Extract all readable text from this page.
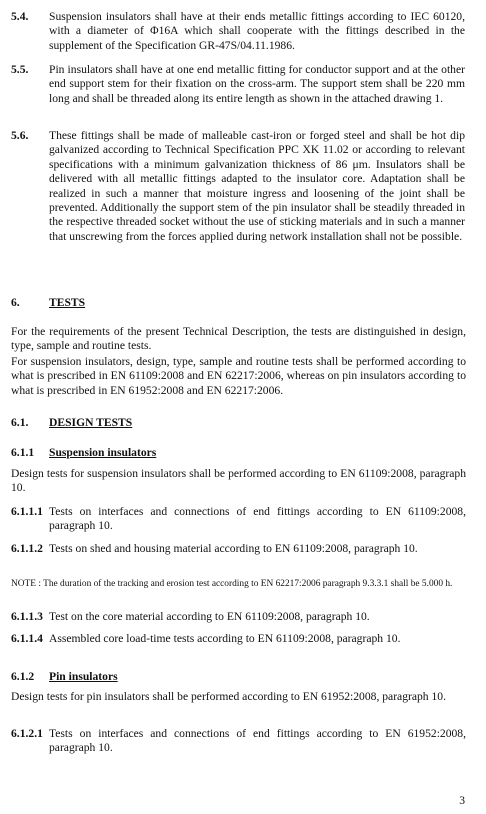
5.4. Suspension insulators shall have at their ends metallic fittings according to IEC 60120, with a diameter of Φ16A which shall cooperate with the fittings described in the supplement of the Specification GR-47S/04.11.1986.
5.5. Pin insulators shall have at one end metallic fitting for conductor support and at the other end support stem for their fixation on the cross-arm. The support stem shall be 220 mm long and shall be threaded along its entire length as shown in the attached drawing 1.
5.6. These fittings shall be made of malleable cast-iron or forged steel and shall be hot dip galvanized according to Technical Specification PPC XK 11.02 or according to relevant specifications with a minimum galvanization thickness of 86 μm. Insulators shall be delivered with all metallic fittings adapted to the insulator core. Adaptation shall be realized in such a manner that moisture ingress and loosening of the joint shall be prevented. Additionally the support stem of the pin insulator shall be steadily threaded in the respective threaded socket without the use of sticking materials and in such a manner that unscrewing from the forces applied during network installation shall not be possible.
6.	TESTS
For the requirements of the present Technical Description, the tests are distinguished in design, type, sample and routine tests.
For suspension insulators, design, type, sample and routine tests shall be performed according to what is prescribed in EN 61109:2008 and EN 62217:2006, whereas on pin insulators according to what is prescribed in EN 61952:2008 and EN 62217:2006.
6.1. DESIGN TESTS
6.1.1 Suspension insulators
Design tests for suspension insulators shall be performed according to EN 61109:2008, paragraph 10.
6.1.1.1 Tests on interfaces and connections of end fittings according to EN 61109:2008, paragraph 10.
6.1.1.2 Tests on shed and housing material according to EN 61109:2008, paragraph 10.
NOTE : The duration of the tracking and erosion test according to EN 62217:2006 paragraph 9.3.3.1 shall be 5.000 h.
6.1.1.3 Test on the core material according to EN 61109:2008, paragraph 10.
6.1.1.4 Assembled core load-time tests according to EN 61109:2008, paragraph 10.
6.1.2 Pin insulators
Design tests for pin insulators shall be performed according to EN 61952:2008, paragraph 10.
6.1.2.1 Tests on interfaces and connections of end fittings according to EN 61952:2008, paragraph 10.
3
